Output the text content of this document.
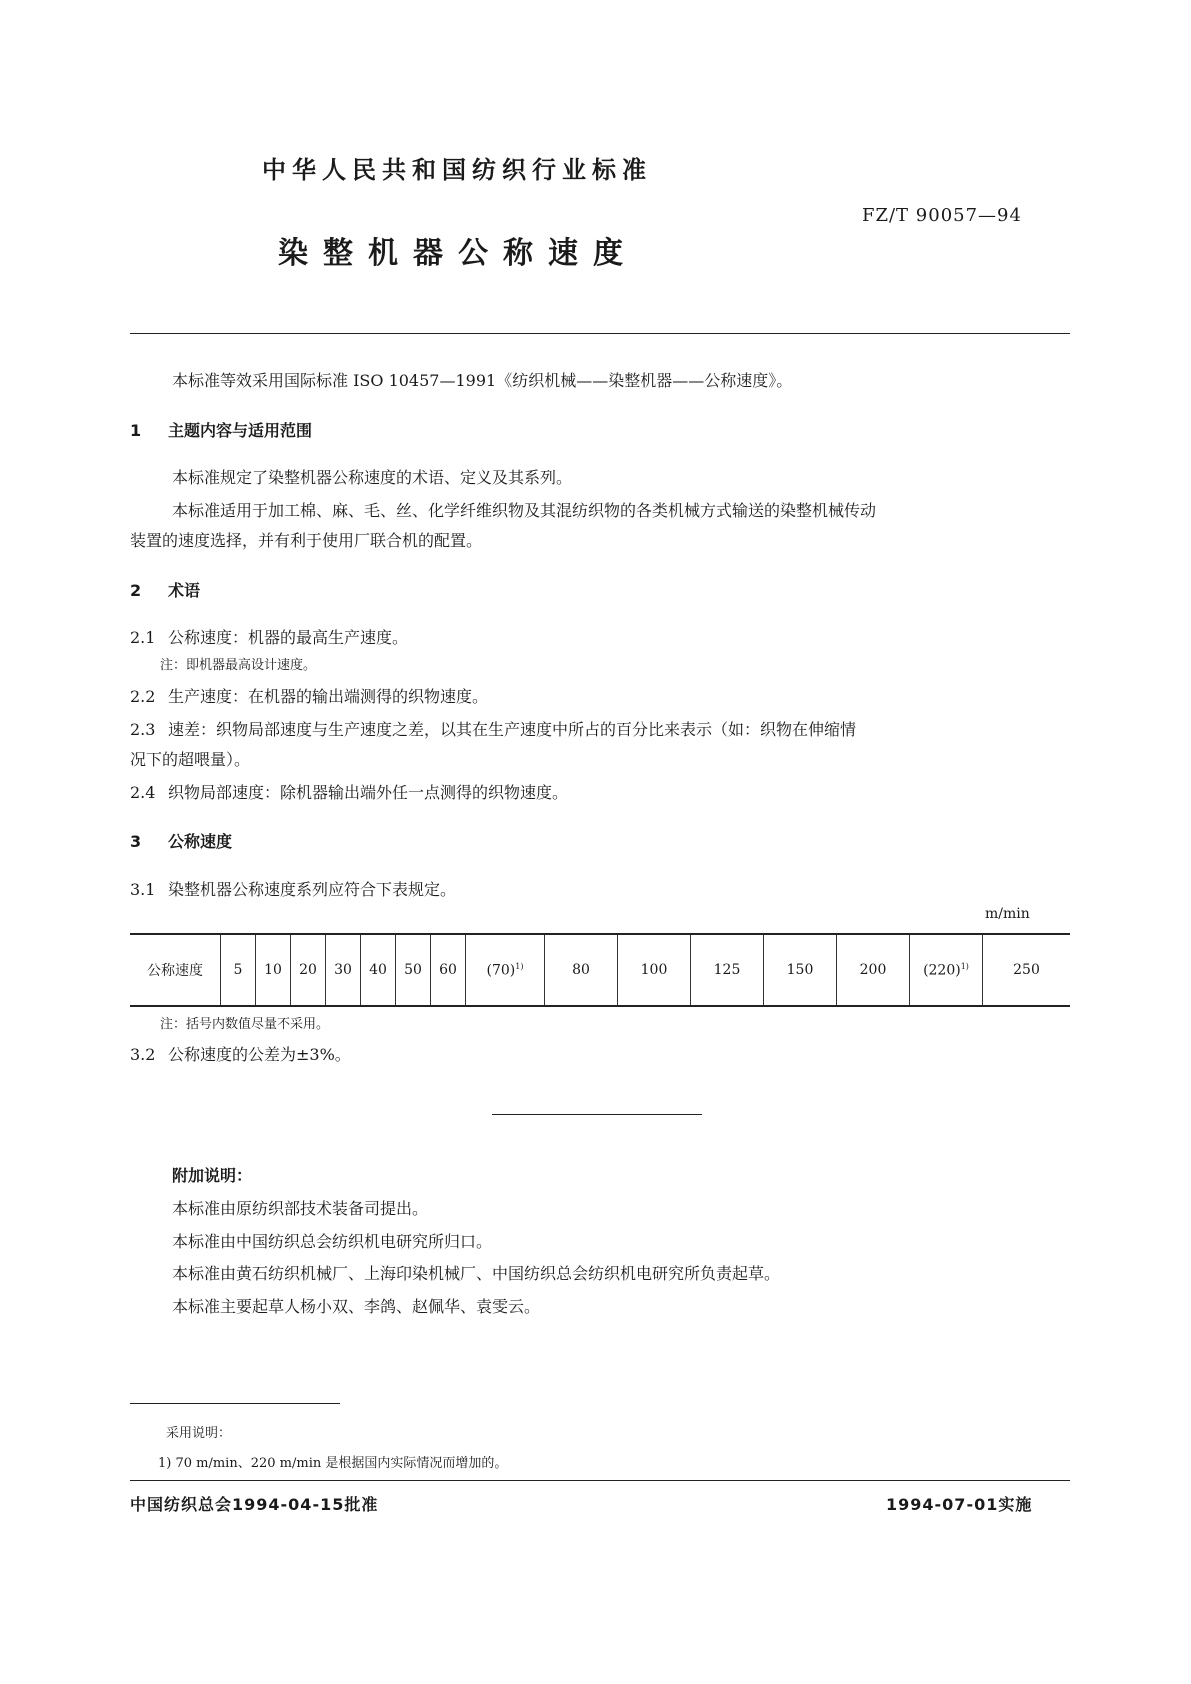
中华人民共和国纺织行业标准
FZ/T 90057—94
染整机器公称速度
本标准等效采用国际标准 ISO 10457—1991《纺织机械——染整机器——公称速度》。
1 主题内容与适用范围
本标准规定了染整机器公称速度的术语、定义及其系列。
本标准适用于加工棉、麻、毛、丝、化学纤维织物及其混纺织物的各类机械方式输送的染整机械传动
装置的速度选择，并有利于使用厂联合机的配置。
2 术语
2.1 公称速度：机器的最高生产速度。
注：即机器最高设计速度。
2.2 生产速度：在机器的输出端测得的织物速度。
2.3 速差：织物局部速度与生产速度之差，以其在生产速度中所占的百分比来表示（如：织物在伸缩情
况下的超喂量）。
2.4 织物局部速度：除机器输出端外任一点测得的织物速度。
3 公称速度
3.1 染整机器公称速度系列应符合下表规定。
m/min
公称速度	5	10	20	30	40	50	60	$(70)^{1)}$	80	100	125	150	200	$(220)^{1)}$	250
注：括号内数值尽量不采用。
3.2 公称速度的公差为±3%。
附加说明：
本标准由原纺织部技术装备司提出。
本标准由中国纺织总会纺织机电研究所归口。
本标准由黄石纺织机械厂、上海印染机械厂、中国纺织总会纺织机电研究所负责起草。
本标准主要起草人杨小双、李鸽、赵佩华、袁雯云。
采用说明：
1) 70 m/min、220 m/min 是根据国内实际情况而增加的。
中国纺织总会1994-04-15批准	1994-07-01实施
